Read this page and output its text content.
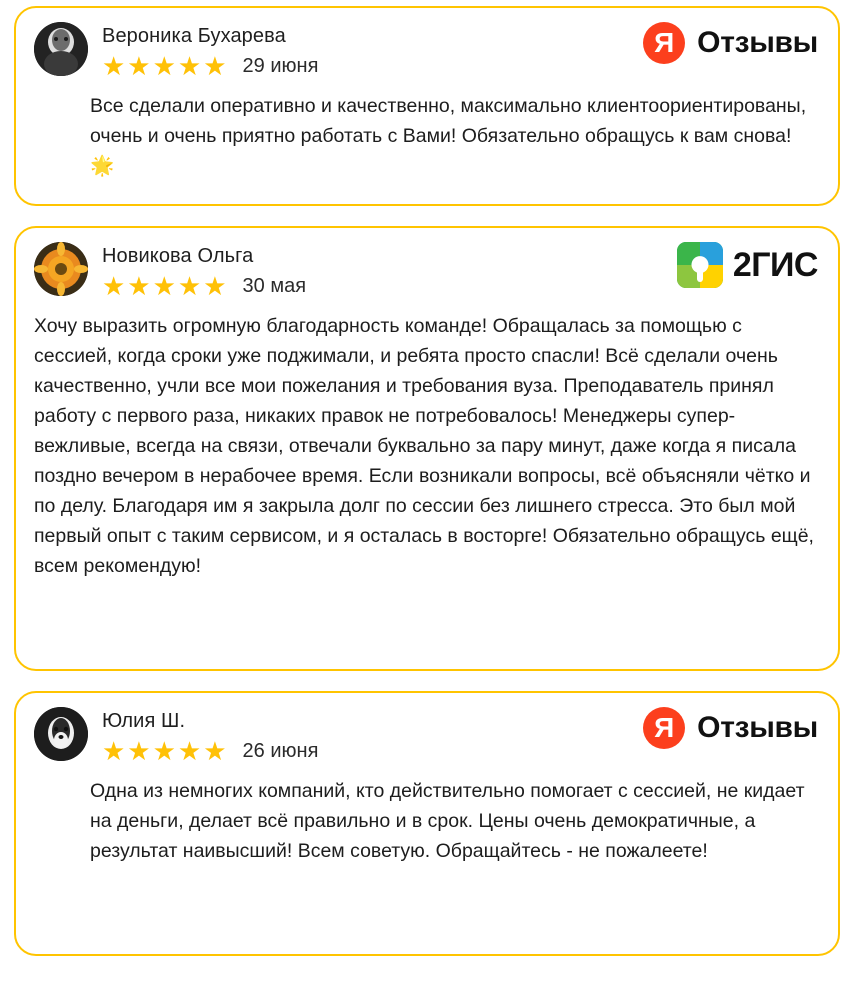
Вероника Бухарева
★★★★★ 29 июня
Я Отзывы

Все сделали оперативно и качественно, максимально клиентоориентированы, очень и очень приятно работать с Вами! Обязательно обращусь к вам снова! 🌟

Новикова Ольга
★★★★★ 30 мая
2ГИС

Хочу выразить огромную благодарность команде! Обращалась за помощью с сессией, когда сроки уже поджимали, и ребята просто спасли! Всё сделали очень качественно, учли все мои пожелания и требования вуза. Преподаватель принял работу с первого раза, никаких правок не потребовалось! Менеджеры супер-вежливые, всегда на связи, отвечали буквально за пару минут, даже когда я писала поздно вечером в нерабочее время. Если возникали вопросы, всё объясняли чётко и по делу. Благодаря им я закрыла долг по сессии без лишнего стресса. Это был мой первый опыт с таким сервисом, и я осталась в восторге! Обязательно обращусь ещё, всем рекомендую!

Юлия Ш.
★★★★★ 26 июня
Я Отзывы

Одна из немногих компаний, кто действительно помогает с сессией, не кидает на деньги, делает всё правильно и в срок. Цены очень демократичные, а результат наивысший! Всем советую. Обращайтесь - не пожалеете!
